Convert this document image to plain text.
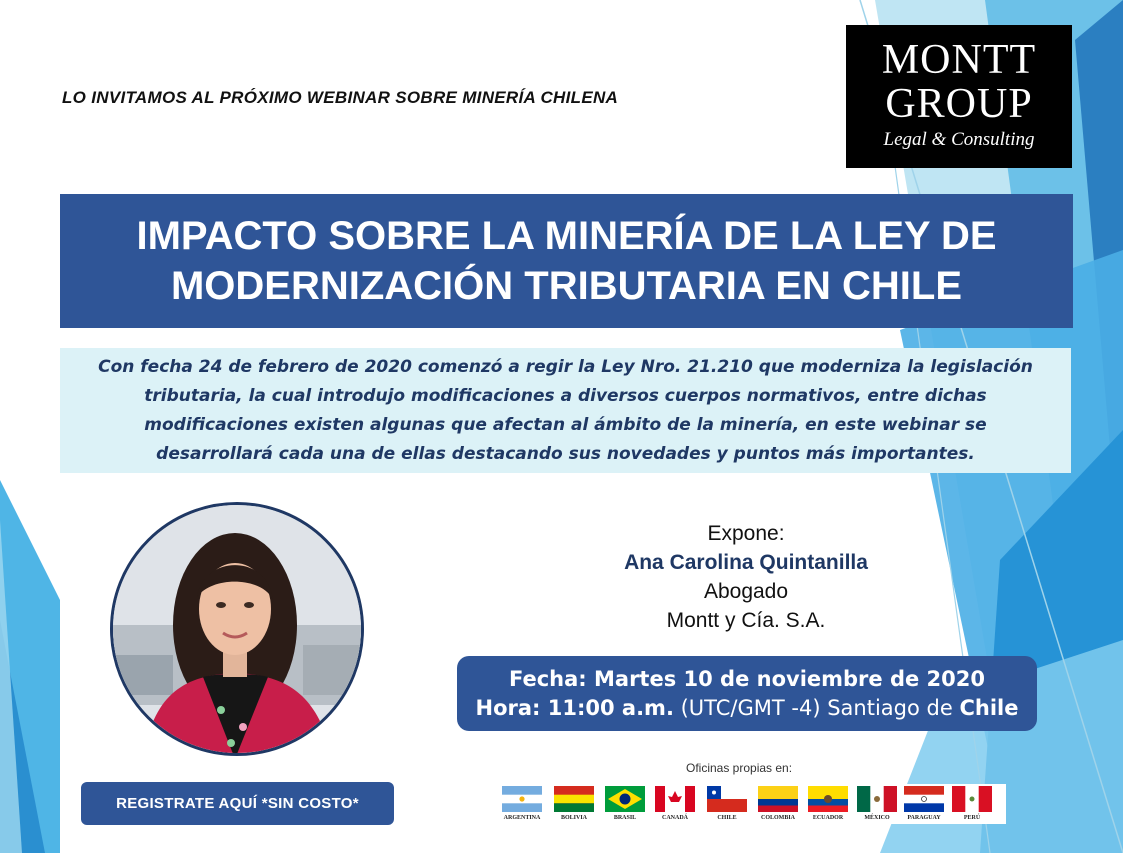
LO INVITAMOS AL PRÓXIMO WEBINAR SOBRE MINERÍA CHILENA
MONTT
GROUP
Legal & Consulting
IMPACTO SOBRE LA MINERÍA DE LA LEY DE
MODERNIZACIÓN TRIBUTARIA EN CHILE
Con fecha 24 de febrero de 2020 comenzó a regir la Ley Nro. 21.210 que moderniza la legislación
tributaria, la cual introdujo modificaciones a diversos cuerpos normativos, entre dichas
modificaciones existen algunas que afectan al ámbito de la minería, en este webinar se
desarrollará cada una de ellas destacando sus novedades y puntos más importantes.
Expone:
Ana Carolina Quintanilla
Abogado
Montt y Cía. S.A.
Fecha: Martes 10 de noviembre de 2020
Hora: 11:00 a.m. (UTC/GMT -4) Santiago de Chile
REGISTRATE AQUÍ *SIN COSTO*
Oficinas propias en:
ARGENTINA	BOLIVIA	BRASIL	CANADÁ	CHILE	COLOMBIA	ECUADOR	MÉXICO	PARAGUAY	PERÚ
